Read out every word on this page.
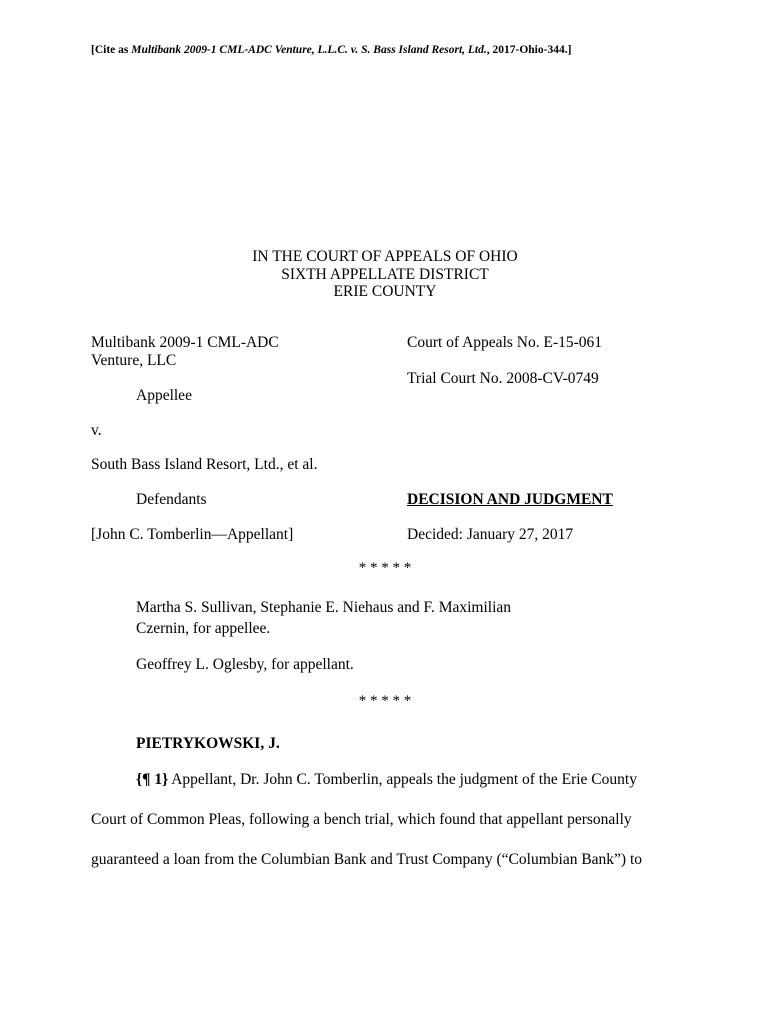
[Cite as Multibank 2009-1 CML-ADC Venture, L.L.C. v. S. Bass Island Resort, Ltd., 2017-Ohio-344.]
IN THE COURT OF APPEALS OF OHIO
SIXTH APPELLATE DISTRICT
ERIE COUNTY
Multibank 2009-1 CML-ADC
Venture, LLC
Appellee
v.
South Bass Island Resort, Ltd., et al.
Defendants
[John C. Tomberlin—Appellant]
Court of Appeals No. E-15-061
Trial Court No. 2008-CV-0749
DECISION AND JUDGMENT
Decided: January 27, 2017
* * * * *
Martha S. Sullivan, Stephanie E. Niehaus and F. Maximilian
Czernin, for appellee.
Geoffrey L. Oglesby, for appellant.
* * * * *
PIETRYKOWSKI, J.
{¶ 1} Appellant, Dr. John C. Tomberlin, appeals the judgment of the Erie County
Court of Common Pleas, following a bench trial, which found that appellant personally
guaranteed a loan from the Columbian Bank and Trust Company (“Columbian Bank”) to
